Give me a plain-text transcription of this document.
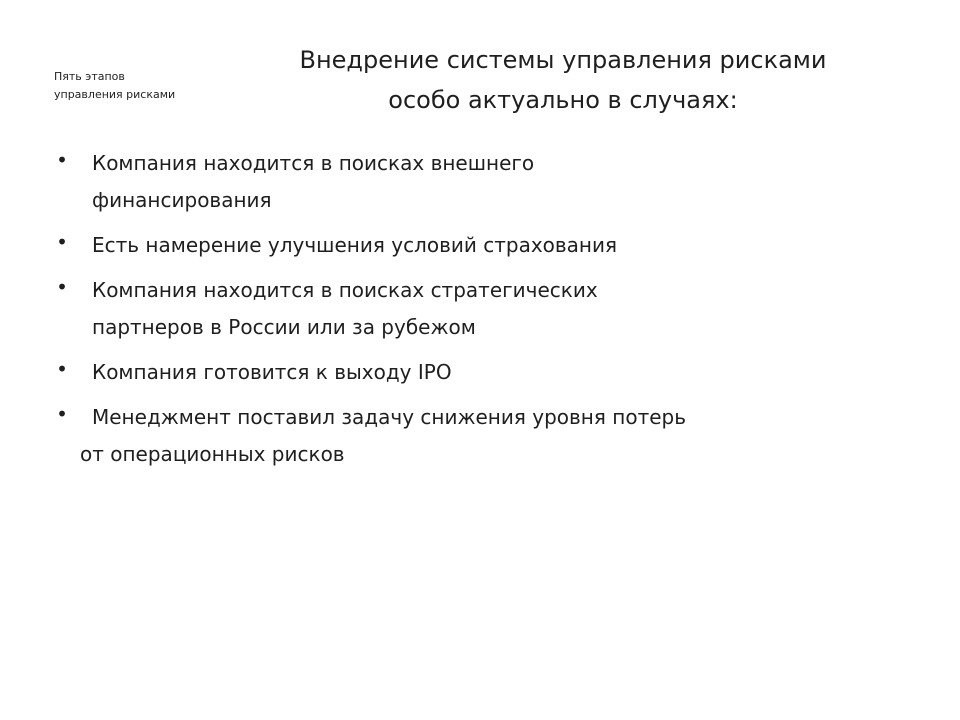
Пять этапов
управления рисками
Внедрение системы управления рисками
особо актуально в случаях:
• Компания находится в поисках внешнего
финансирования
• Есть намерение улучшения условий страхования
• Компания находится в поисках стратегических
партнеров в России или за рубежом
• Компания готовится к выходу IPO
• Менеджмент поставил задачу снижения уровня потерь
от операционных рисков
